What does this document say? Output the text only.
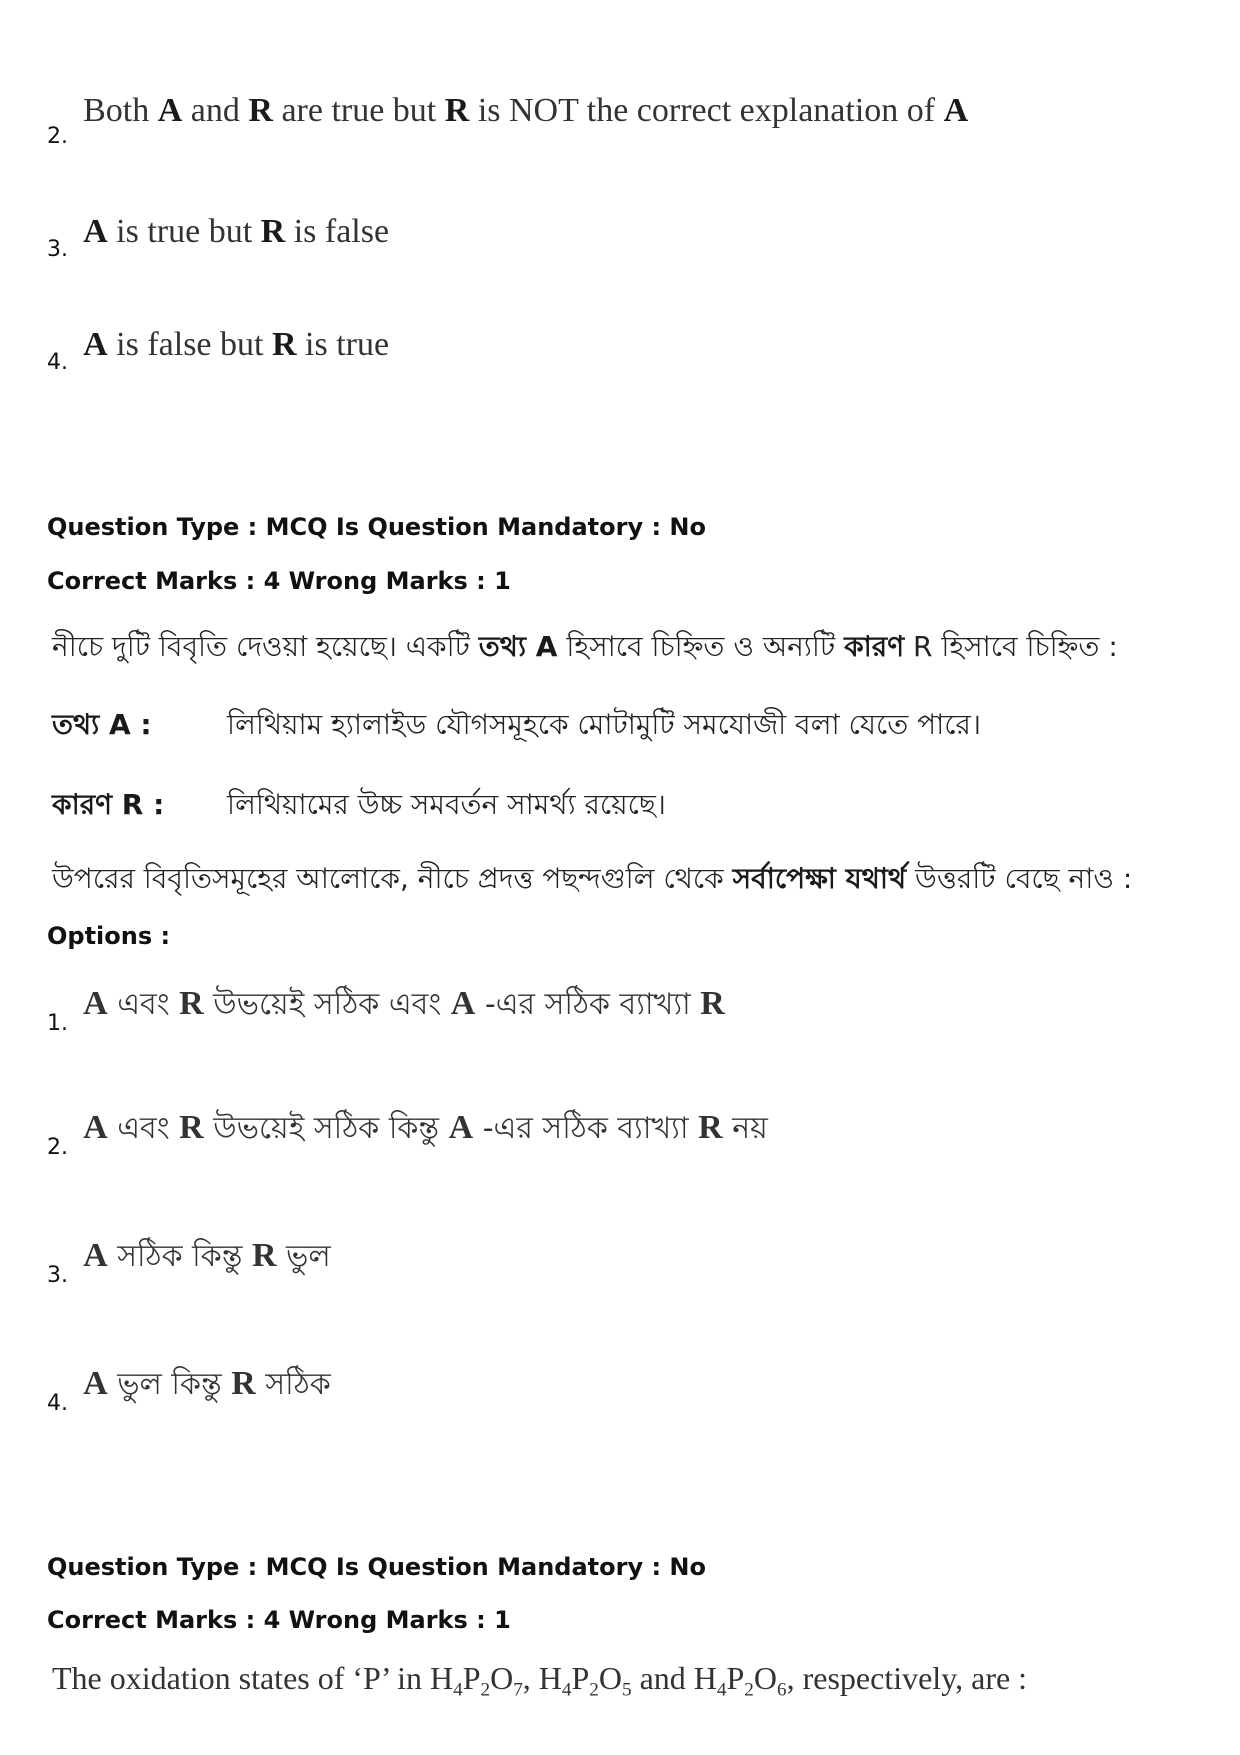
2. Both A and R are true but R is NOT the correct explanation of A
3. A is true but R is false
4. A is false but R is true
Question Type : MCQ Is Question Mandatory : No
Correct Marks : 4 Wrong Marks : 1
নীচে দুটি বিবৃতি দেওয়া হয়েছে। একটি তথ্য A হিসাবে চিহ্নিত ও অন্যটি কারণ R হিসাবে চিহ্নিত :
তথ্য A :	লিথিয়াম হ্যালাইড যৌগসমূহকে মোটামুটি সমযোজী বলা যেতে পারে।
কারণ R : লিথিয়ামের উচ্চ সমবর্তন সামর্থ্য রয়েছে।
উপরের বিবৃতিসমূহের আলোকে, নীচে প্রদত্ত পছন্দগুলি থেকে সর্বাপেক্ষা যথার্থ উত্তরটি বেছে নাও :
Options :
1. A এবং R উভয়েই সঠিক এবং A -এর সঠিক ব্যাখ্যা R
2. A এবং R উভয়েই সঠিক কিন্তু A -এর সঠিক ব্যাখ্যা R নয়
3. A সঠিক কিন্তু R ভুল
4. A ভুল কিন্তু R সঠিক
Question Type : MCQ Is Question Mandatory : No
Correct Marks : 4 Wrong Marks : 1
The oxidation states of ‘P’ in $H_4P_2O_7$, $H_4P_2O_5$ and $H_4P_2O_6$, respectively, are :
